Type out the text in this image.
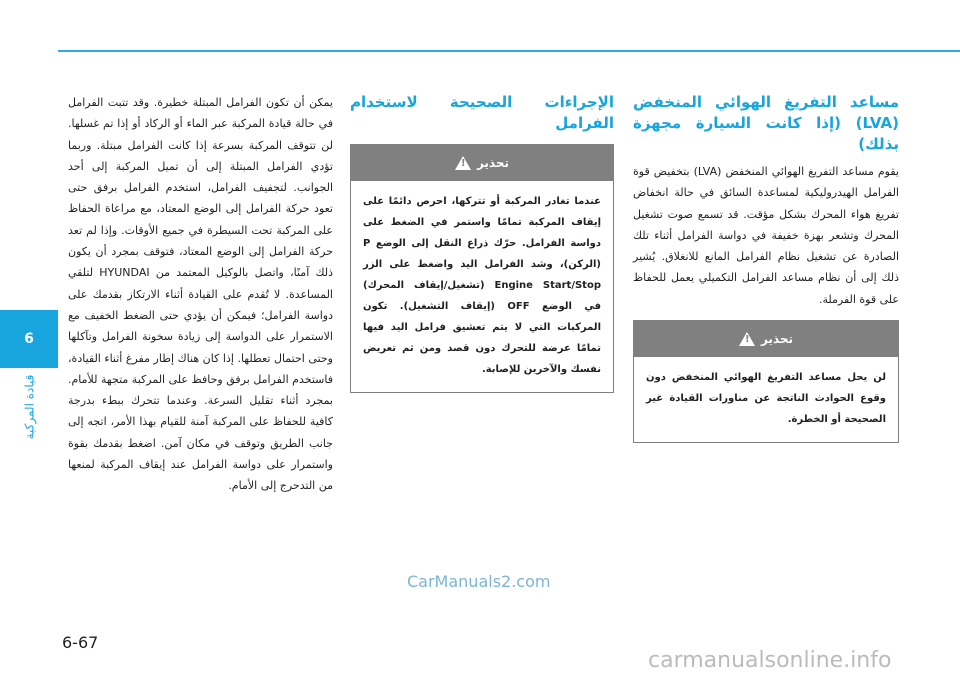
6
قيادة المركبة

مساعد التفريغ الهوائي المنخفض (LVA) (إذا كانت السيارة مجهزة بذلك)

يقوم مساعد التفريغ الهوائي المنخفض (LVA) بتخفيض قوة الفرامل الهيدروليكية لمساعدة السائق في حالة انخفاض تفريغ هواء المحرك بشكل مؤقت. قد تسمع صوت تشغيل المحرك وتشعر بهزة خفيفة في دواسة الفرامل أثناء تلك الصادرة عن تشغيل نظام الفرامل المانع للانغلاق. يُشير ذلك إلى أن نظام مساعد الفرامل التكميلي يعمل للحفاظ على قوة الفرملة.

تحذير
!
لن يحل مساعد التفريغ الهوائي المنخفض دون وقوع الحوادث الناتجة عن مناورات القيادة غير الصحيحة أو الخطرة.

الإجراءات الصحيحة لاستخدام الفرامل

تحذير
!
عندما تغادر المركبة أو تتركها، احرص دائمًا على إيقاف المركبة تمامًا واستمر في الضغط على دواسة الفرامل. حرّك ذراع النقل إلى الوضع P (الركن)، وشد الفرامل اليد واضغط على الزر Engine Start/Stop (تشغيل/إيقاف المحرك) في الوضع OFF (إيقاف التشغيل). تكون المركبات التي لا يتم تعشيق فرامل اليد فيها تمامًا عرضة للتحرك دون قصد ومن ثم تعريض نفسك والآخرين للإصابة.

يمكن أن تكون الفرامل المبتلة خطيرة. وقد تتبت الفرامل في حالة قيادة المركبة عبر الماء أو الركاد أو إذا تم غسلها. لن تتوقف المركبة بسرعة إذا كانت الفرامل مبتلة. وربما تؤدي الفرامل المبتلة إلى أن تميل المركبة إلى أحد الجوانب. لتجفيف الفرامل، استخدم الفرامل برفق حتى تعود حركة الفرامل إلى الوضع المعتاد، مع مراعاة الحفاظ على المركبة تحت السيطرة في جميع الأوقات. وإذا لم تعد حركة الفرامل إلى الوضع المعتاد، فتوقف بمجرد أن يكون ذلك آمنًا، واتصل بالوكيل المعتمد من HYUNDAI لتلقي المساعدة. لا تُقدم على القيادة أثناء الارتكاز بقدمك على دواسة الفرامل؛ فيمكن أن يؤدي حتى الضغط الخفيف مع الاستمرار على الدواسة إلى زيادة سخونة الفرامل وتآكلها وحتى احتمال تعطلها. إذا كان هناك إطار مفرغ أثناء القيادة، فاستخدم الفرامل برفق وحافظ على المركبة متجهة للأمام. بمجرد أثناء تقليل السرعة. وعندما تتحرك ببطء بدرجة كافية للحفاظ على المركبة آمنة للقيام بهذا الأمر، اتجه إلى جانب الطريق وتوقف في مكان آمن. اضغط بقدمك بقوة واستمرار على دواسة الفرامل عند إيقاف المركبة لمنعها من التدحرج إلى الأمام.

CarManuals2.com
6-67
carmanualsonline.info
